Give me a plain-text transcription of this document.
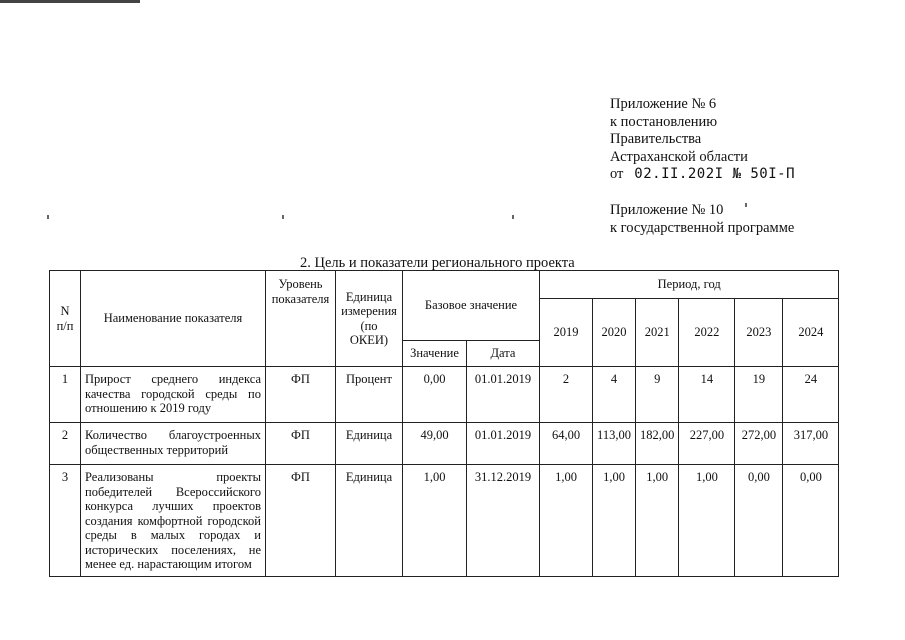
Приложение № 6
к постановлению
Правительства
Астраханской области
от 02.II.202I № 50I-П
Приложение № 10
к государственной программе
2. Цель и показатели регионального проекта
N п/п	Наименование показателя	Уровень показателя	Единица измерения (по ОКЕИ)	Базовое значение		Период, год					
						2019	2020	2021	2022	2023	2024
				Значение	Дата						
1	Прирост среднего индекса качества городской среды по отношению к 2019 году	ФП	Процент	0,00	01.01.2019	2	4	9	14	19	24
2	Количество благоустроенных общественных территорий	ФП	Единица	49,00	01.01.2019	64,00	113,00	182,00	227,00	272,00	317,00
3	Реализованы проекты победителей Всероссийского конкурса лучших проектов создания комфортной городской среды в малых городах и исторических поселениях, не менее ед. нарастающим итогом	ФП	Единица	1,00	31.12.2019	1,00	1,00	1,00	1,00	0,00	0,00
